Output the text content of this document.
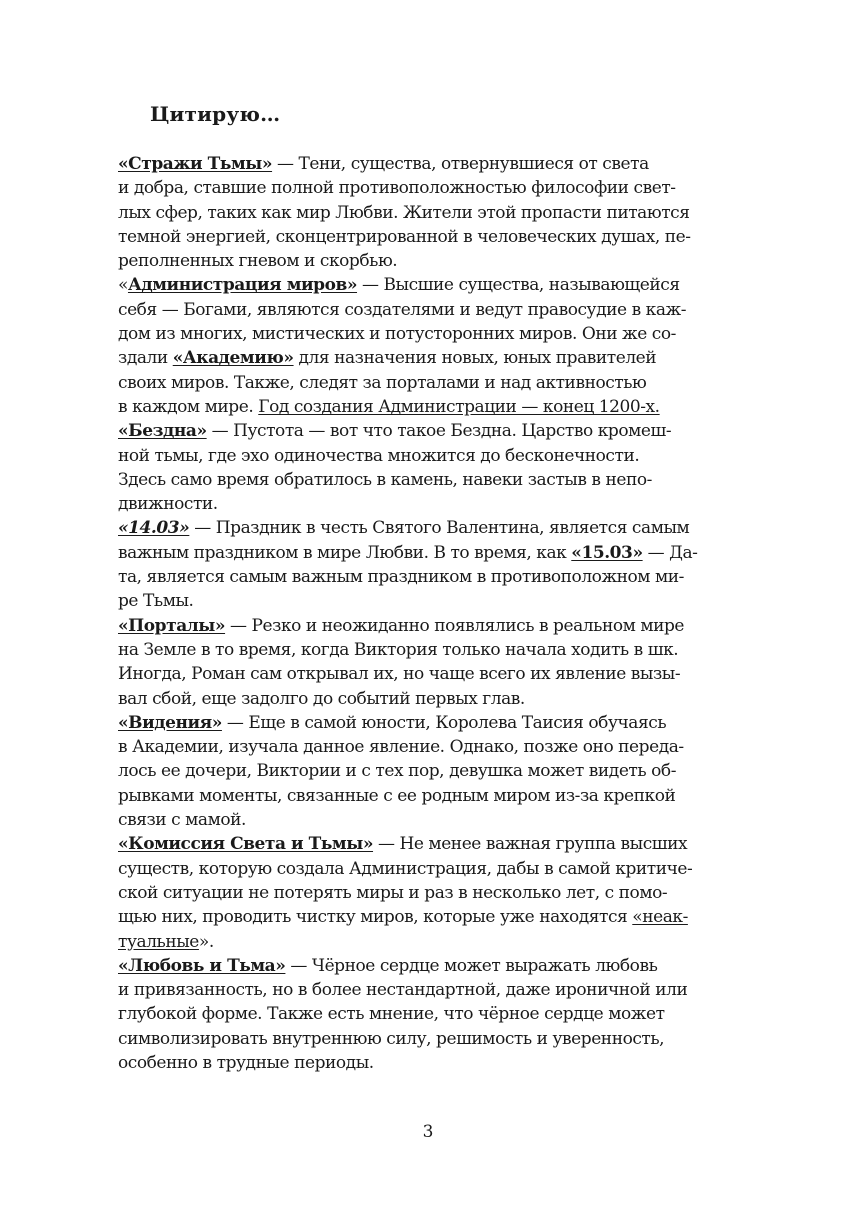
Цитирую…
«Стражи Тьмы» — Тени, существа, отвернувшиеся от света
и добра, ставшие полной противоположностью философии свет-
лых сфер, таких как мир Любви. Жители этой пропасти питаются
темной энергией, сконцентрированной в человеческих душах, пе-
реполненных гневом и скорбью.
«Администрация миров» — Высшие существа, называющейся
себя — Богами, являются создателями и ведут правосудие в каж-
дом из многих, мистических и потусторонних миров. Они же со-
здали «Академию» для назначения новых, юных правителей
своих миров. Также, следят за порталами и над активностью
в каждом мире. Год создания Администрации — конец 1200-х.
«Бездна» — Пустота — вот что такое Бездна. Царство кромеш-
ной тьмы, где эхо одиночества множится до бесконечности.
Здесь само время обратилось в камень, навеки застыв в непо-
движности.
«14.03» — Праздник в честь Святого Валентина, является самым
важным праздником в мире Любви. В то время, как «15.03» — Да-
та, является самым важным праздником в противоположном ми-
ре Тьмы.
«Порталы» — Резко и неожиданно появлялись в реальном мире
на Земле в то время, когда Виктория только начала ходить в шк.
Иногда, Роман сам открывал их, но чаще всего их явление вызы-
вал сбой, еще задолго до событий первых глав.
«Видения» — Еще в самой юности, Королева Таисия обучаясь
в Академии, изучала данное явление. Однако, позже оно переда-
лось ее дочери, Виктории и с тех пор, девушка может видеть об-
рывками моменты, связанные с ее родным миром из-за крепкой
связи с мамой.
«Комиссия Света и Тьмы» — Не менее важная группа высших
существ, которую создала Администрация, дабы в самой критиче-
ской ситуации не потерять миры и раз в несколько лет, с помо-
щью них, проводить чистку миров, которые уже находятся «неак-
туальные».
«Любовь и Тьма» — Чёрное сердце может выражать любовь
и привязанность, но в более нестандартной, даже ироничной или
глубокой форме. Также есть мнение, что чёрное сердце может
символизировать внутреннюю силу, решимость и уверенность,
особенно в трудные периоды.
3
